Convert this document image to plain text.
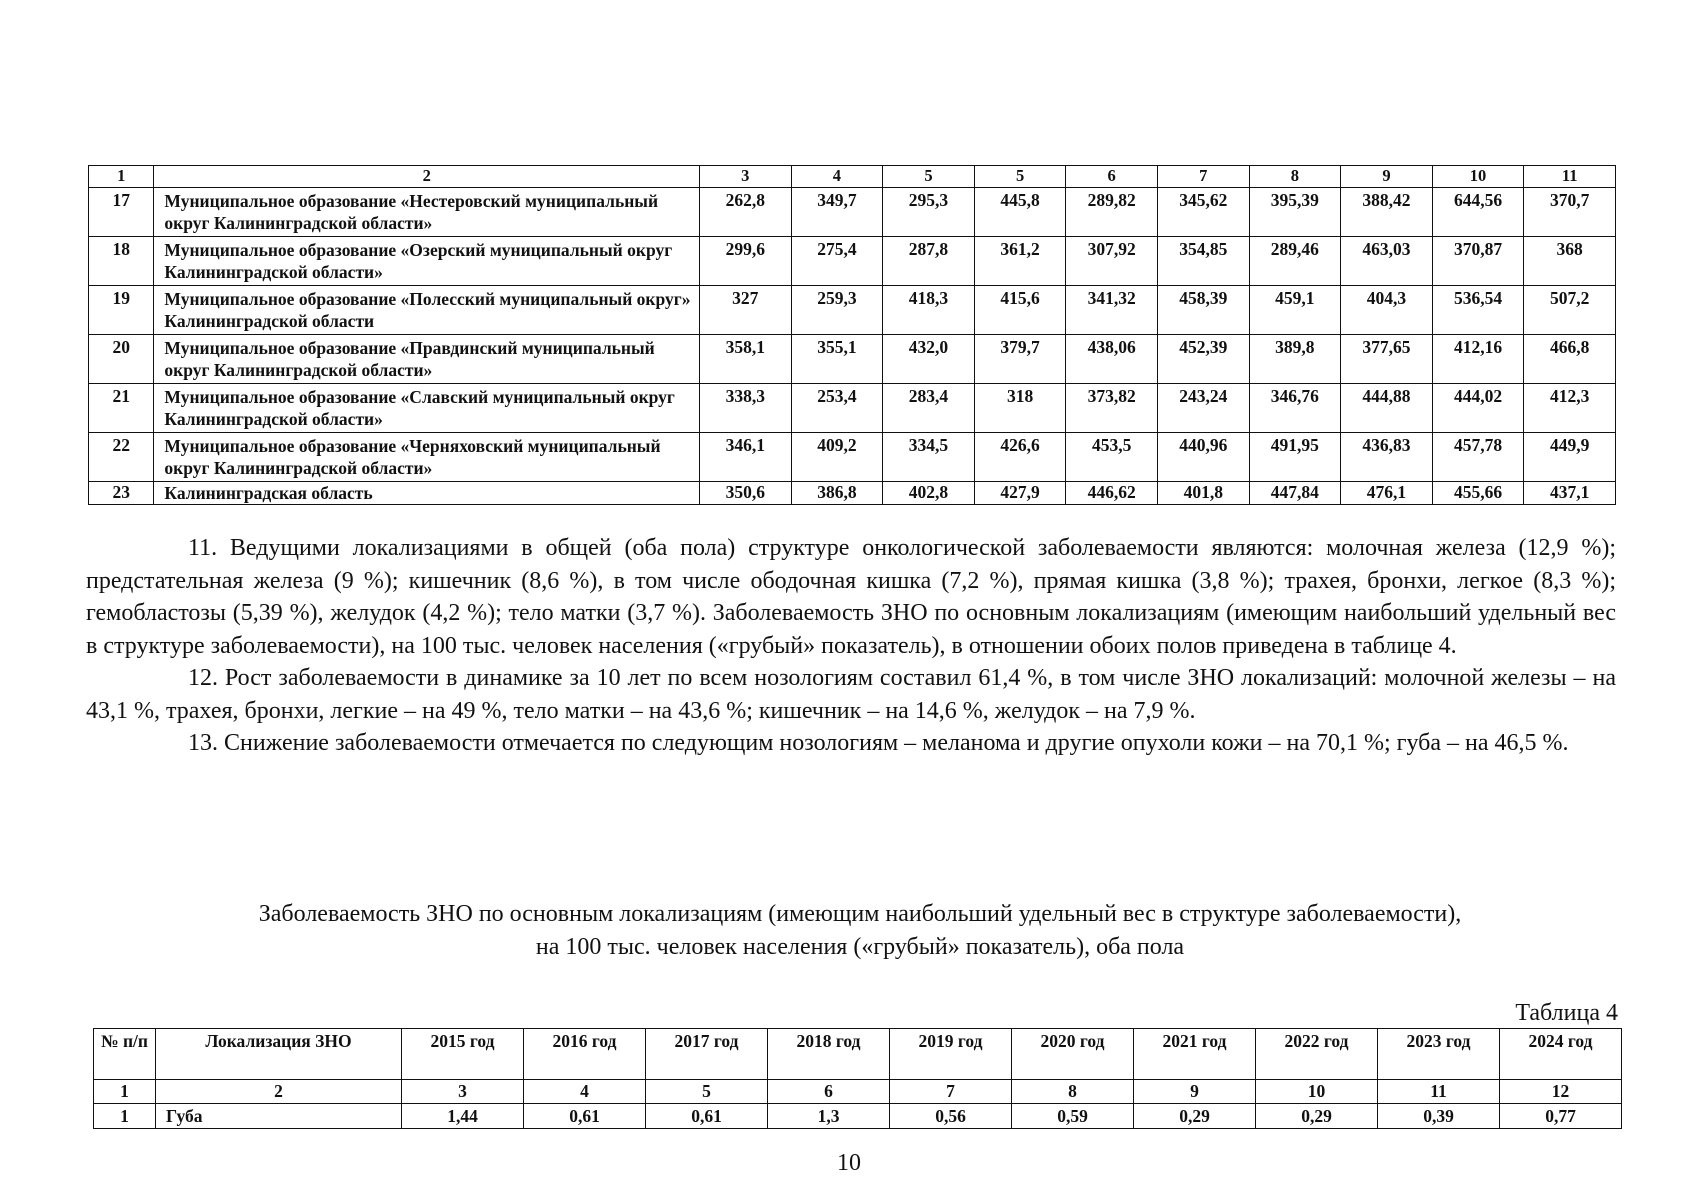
1	2	3	4	5	5	6	7	8	9	10	11
17	Муниципальное образование «Нестеровский муниципальный округ Калининградской области»	262,8	349,7	295,3	445,8	289,82	345,62	395,39	388,42	644,56	370,7
18	Муниципальное образование «Озерский муниципальный округ Калининградской области»	299,6	275,4	287,8	361,2	307,92	354,85	289,46	463,03	370,87	368
19	Муниципальное образование «Полесский муниципальный округ» Калининградской области	327	259,3	418,3	415,6	341,32	458,39	459,1	404,3	536,54	507,2
20	Муниципальное образование «Правдинский муниципальный округ Калининградской области»	358,1	355,1	432,0	379,7	438,06	452,39	389,8	377,65	412,16	466,8
21	Муниципальное образование «Славский муниципальный округ Калининградской области»	338,3	253,4	283,4	318	373,82	243,24	346,76	444,88	444,02	412,3
22	Муниципальное образование «Черняховский муниципальный округ Калининградской области»	346,1	409,2	334,5	426,6	453,5	440,96	491,95	436,83	457,78	449,9
23	Калининградская область	350,6	386,8	402,8	427,9	446,62	401,8	447,84	476,1	455,66	437,1

11. Ведущими локализациями в общей (оба пола) структуре онкологической заболеваемости являются: молочная железа (12,9 %); предстательная железа (9 %); кишечник (8,6 %), в том числе ободочная кишка (7,2 %), прямая кишка (3,8 %); трахея, бронхи, легкое (8,3 %); гемобластозы (5,39 %), желудок (4,2 %); тело матки (3,7 %). Заболеваемость ЗНО по основным локализациям (имеющим наибольший удельный вес в структуре заболеваемости), на 100 тыс. человек населения («грубый» показатель), в отношении обоих полов приведена в таблице 4.

12. Рост заболеваемости в динамике за 10 лет по всем нозологиям составил 61,4 %, в том числе ЗНО локализаций: молочной железы – на 43,1 %, трахея, бронхи, легкие – на 49 %, тело матки – на 43,6 %; кишечник – на 14,6 %, желудок – на 7,9 %.

13. Снижение заболеваемости отмечается по следующим нозологиям – меланома и другие опухоли кожи – на 70,1 %; губа – на 46,5 %.

Заболеваемость ЗНО по основным локализациям (имеющим наибольший удельный вес в структуре заболеваемости),
на 100 тыс. человек населения («грубый» показатель), оба пола
Таблица 4
№ п/п	Локализация ЗНО	2015 год	2016 год	2017 год	2018 год	2019 год	2020 год	2021 год	2022 год	2023 год	2024 год
1	2	3	4	5	6	7	8	9	10	11	12
1	Губа	1,44	0,61	0,61	1,3	0,56	0,59	0,29	0,29	0,39	0,77
10
